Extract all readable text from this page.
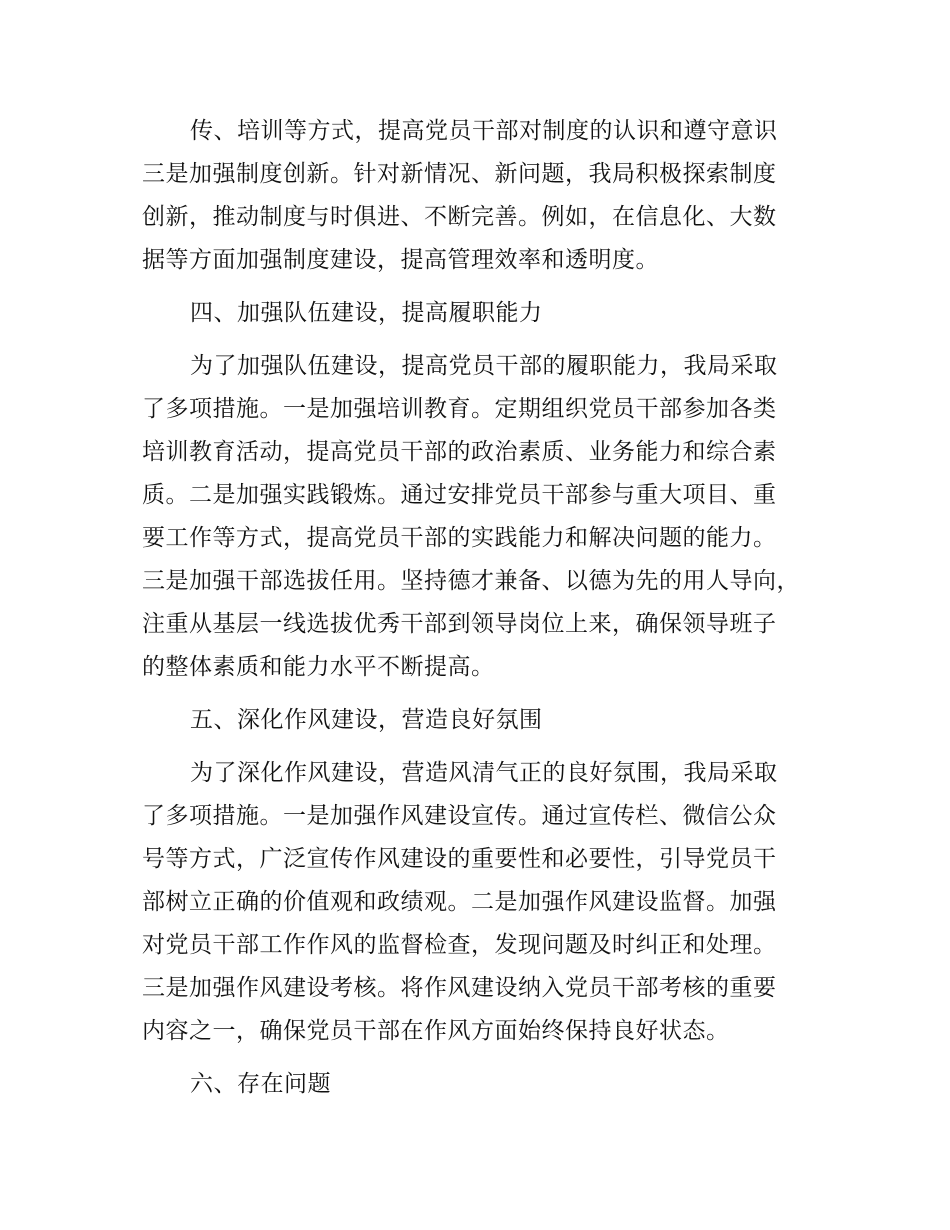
传、培训等方式，提高党员干部对制度的认识和遵守意识
三是加强制度创新。针对新情况、新问题，我局积极探索制度
创新，推动制度与时俱进、不断完善。例如，在信息化、大数
据等方面加强制度建设，提高管理效率和透明度。
四、加强队伍建设，提高履职能力
为了加强队伍建设，提高党员干部的履职能力，我局采取
了多项措施。一是加强培训教育。定期组织党员干部参加各类
培训教育活动，提高党员干部的政治素质、业务能力和综合素
质。二是加强实践锻炼。通过安排党员干部参与重大项目、重
要工作等方式，提高党员干部的实践能力和解决问题的能力。
三是加强干部选拔任用。坚持德才兼备、以德为先的用人导向，
注重从基层一线选拔优秀干部到领导岗位上来，确保领导班子
的整体素质和能力水平不断提高。
五、深化作风建设，营造良好氛围
为了深化作风建设，营造风清气正的良好氛围，我局采取
了多项措施。一是加强作风建设宣传。通过宣传栏、微信公众
号等方式，广泛宣传作风建设的重要性和必要性，引导党员干
部树立正确的价值观和政绩观。二是加强作风建设监督。加强
对党员干部工作作风的监督检查，发现问题及时纠正和处理。
三是加强作风建设考核。将作风建设纳入党员干部考核的重要
内容之一，确保党员干部在作风方面始终保持良好状态。
六、存在问题
